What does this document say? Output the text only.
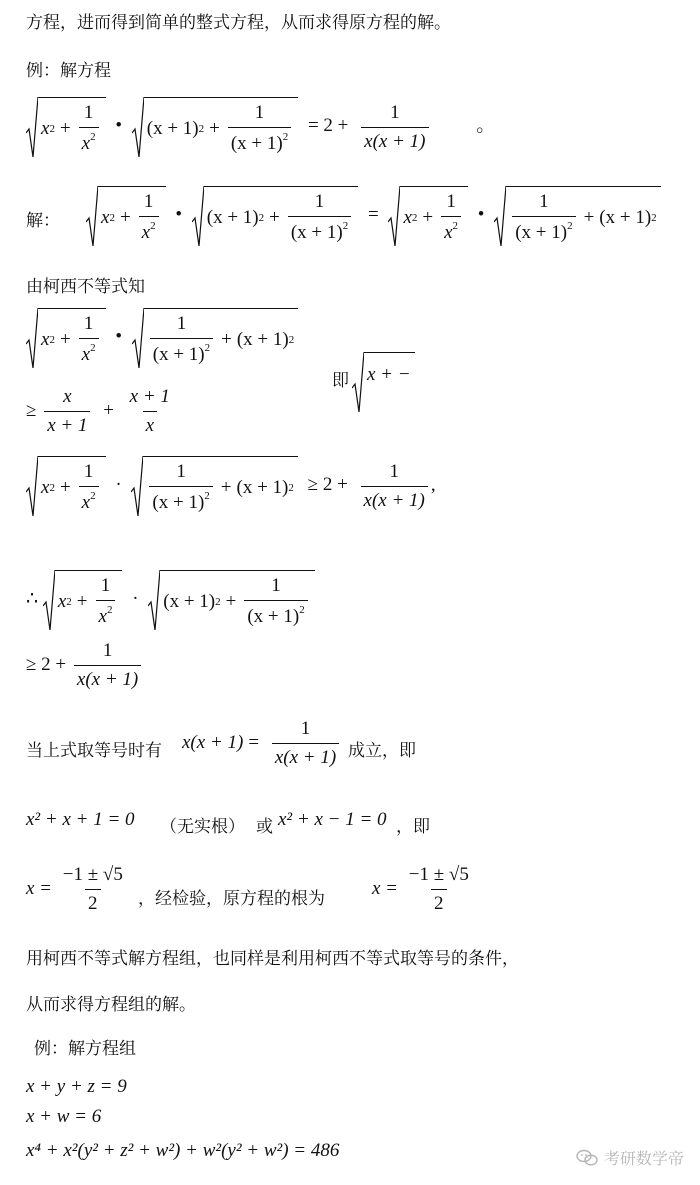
方程，进而得到简单的整式方程，从而求得原方程的解。
例：解方程
x $2 + \frac{1}{x^2}$ • (x + 1) $2 + \frac{1}{(x + 1)^2} = 2 + \frac{1}{x(x + 1)}$	。
解： x $2 + \frac{1}{x^2}$ • (x + 1) $2 + \frac{1}{(x + 1)^2} = x$ $2 + \frac{1}{x^2}$ • $\frac{1}{(x + 1)^2} + (x + 1)$ 2
由柯西不等式知
x $2 + \frac{1}{x^2}$ • $\frac{1}{(x + 1)^2} + (x + 1)$ 2
即 x + −
≥ $\frac{x}{x + 1} + \frac{x + 1}{x}$
x $2 + \frac{1}{x^2} \cdot \frac{1}{(x + 1)^2} + (x + 1) 2 \ge 2 + \frac{1}{x(x + 1)}$ ,
∴ x $2 + \frac{1}{x^2} \cdot (x + 1) 2 + \frac{1}{(x + 1)^2}$
≥ $2 + \frac{1}{x(x + 1)}$
当上式取等号时有 $x(x + 1) = \frac{1}{x(x + 1)}$ 成立，即
x² + x + 1 = 0 （无实根） 或 x² + x − 1 = 0 ，即
$x = \frac{-1 \pm √5}{2}$ ，经检验，原方程的根为
$x = \frac{-1 \pm √5}{2}$
用柯西不等式解方程组，也同样是利用柯西不等式取等号的条件，
从而求得方程组的解。
例：解方程组
x + y + z = 9
x + w = 6
x⁴ + x²(y² + z² + w²) + w²(y² + w²) = 486	考研数学帝
